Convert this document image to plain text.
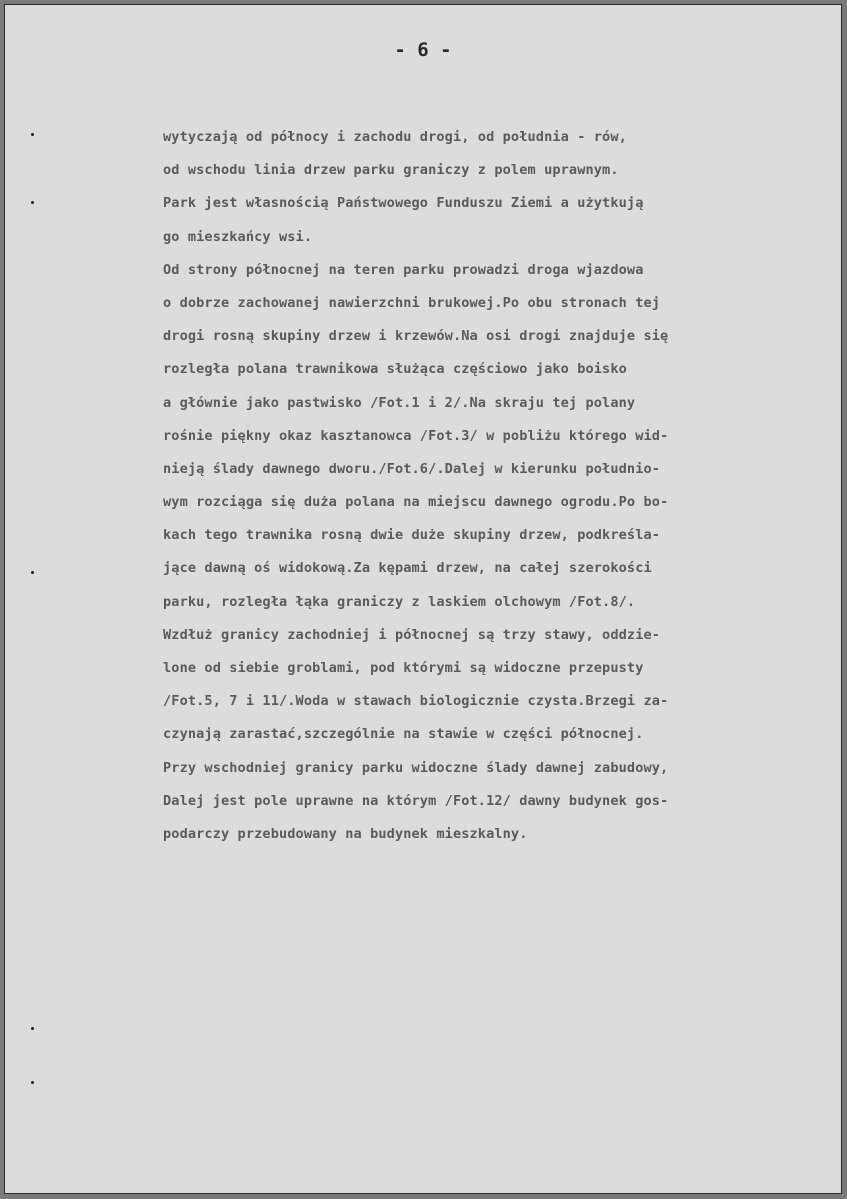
- 6 -
wytyczają od północy i zachodu drogi, od południa - rów,
od wschodu linia drzew parku graniczy z polem uprawnym.
Park jest własnością Państwowego Funduszu Ziemi a użytkują
go mieszkańcy wsi.
Od strony północnej na teren parku prowadzi droga wjazdowa
o dobrze zachowanej nawierzchni brukowej.Po obu stronach tej
drogi rosną skupiny drzew i krzewów.Na osi drogi znajduje się
rozległa polana trawnikowa służąca częściowo jako boisko
a głównie jako pastwisko /Fot.1 i 2/.Na skraju tej polany
rośnie piękny okaz kasztanowca /Fot.3/ w pobliżu którego wid-
nieją ślady dawnego dworu./Fot.6/.Dalej w kierunku południo-
wym rozciąga się duża polana na miejscu dawnego ogrodu.Po bo-
kach tego trawnika rosną dwie duże skupiny drzew, podkreśla-
jące dawną oś widokową.Za kępami drzew, na całej szerokości
parku, rozległa łąka graniczy z laskiem olchowym /Fot.8/.
Wzdłuż granicy zachodniej i północnej są trzy stawy, oddzie-
lone od siebie groblami, pod którymi są widoczne przepusty
/Fot.5, 7 i 11/.Woda w stawach biologicznie czysta.Brzegi za-
czynają zarastać,szczególnie na stawie w części północnej.
Przy wschodniej granicy parku widoczne ślady dawnej zabudowy,
Dalej jest pole uprawne na którym /Fot.12/ dawny budynek gos-
podarczy przebudowany na budynek mieszkalny.
